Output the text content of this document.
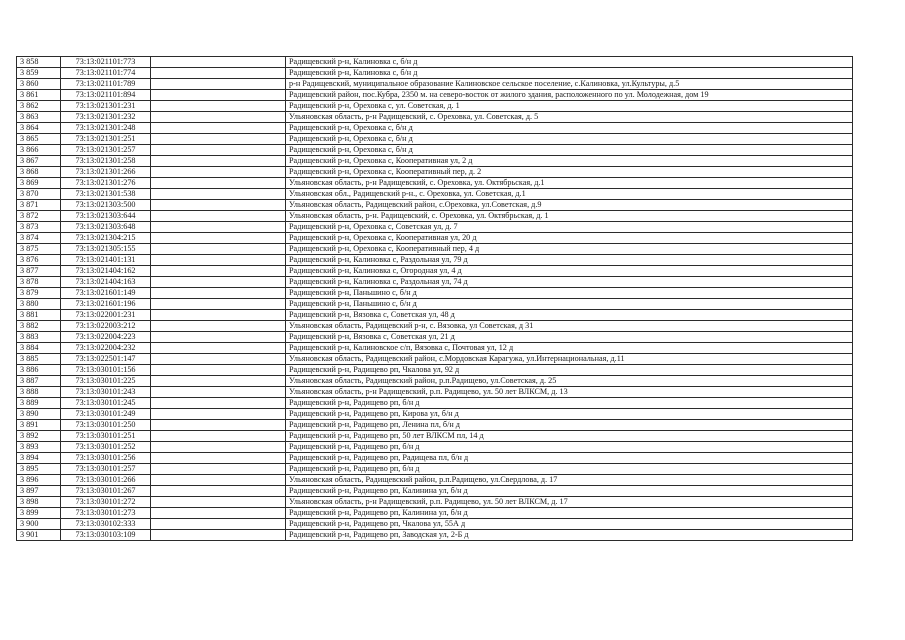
3 858	73:13:021101:773		Радищевский р-н, Калиновка с, б/н д
3 859	73:13:021101:774		Радищевский р-н, Калиновка с, б/н д
3 860	73:13:021101:789		р-н Радищевский, муниципальное образование Калиновское сельское поселение, с.Калиновка, ул.Культуры, д.5
3 861	73:13:021101:894		Радищевский район, пос.Кубра, 2350 м. на северо-восток от жилого здания, расположенного по ул. Молодежная, дом 19
3 862	73:13:021301:231		Радищевский р-н, Ореховка с, ул. Советская, д. 1
3 863	73:13:021301:232		Ульяновская область, р-н Радищевский, с. Ореховка, ул. Советская, д. 5
3 864	73:13:021301:248		Радищевский р-н, Ореховка с, б/н д
3 865	73:13:021301:251		Радищевский р-н, Ореховка с, б/н д
3 866	73:13:021301:257		Радищевский р-н, Ореховка с, б/н д
3 867	73:13:021301:258		Радищевский р-н, Ореховка с, Кооперативная ул, 2 д
3 868	73:13:021301:266		Радищевский р-н, Ореховка с, Кооперативный пер, д. 2
3 869	73:13:021301:276		Ульяновская область, р-н Радищевский, с. Ореховка, ул. Октябрьская, д.1
3 870	73:13:021301:538		Ульяновская обл., Радищевский р-н., с. Ореховка, ул. Советская, д.1
3 871	73:13:021303:500		Ульяновская область, Радищевский район, с.Ореховка, ул.Советская, д.9
3 872	73:13:021303:644		Ульяновская область, р-н. Радищевский, с. Ореховка, ул. Октябрьская, д. 1
3 873	73:13:021303:648		Радищевский р-н, Ореховка с, Советская ул, д. 7
3 874	73:13:021304:215		Радищевский р-н, Ореховка с, Кооперативная ул, 20 д
3 875	73:13:021305:155		Радищевский р-н, Ореховка с, Кооперативный пер, 4 д
3 876	73:13:021401:131		Радищевский р-н, Калиновка с, Раздольная ул, 79 д
3 877	73:13:021404:162		Радищевский р-н, Калиновка с, Огородная ул, 4 д
3 878	73:13:021404:163		Радищевский р-н, Калиновка с, Раздольная ул, 74 д
3 879	73:13:021601:149		Радищевский р-н, Паньшино с, б/н д
3 880	73:13:021601:196		Радищевский р-н, Паньшино с, б/н д
3 881	73:13:022001:231		Радищевский р-н, Вязовка с, Советская ул, 48 д
3 882	73:13:022003:212		Ульяновская область, Радищевский р-н, с. Вязовка, ул Советская, д 31
3 883	73:13:022004:223		Радищевский р-н, Вязовка с, Советская ул, 21 д
3 884	73:13:022004:232		Радищевский р-н, Калиновское с/п, Вязовка с, Почтовая ул, 12 д
3 885	73:13:022501:147		Ульяновская область, Радищевский район, с.Мордовская Карагужа, ул.Интернациональная, д.11
3 886	73:13:030101:156		Радищевский р-н, Радищево рп, Чкалова ул, 92 д
3 887	73:13:030101:225		Ульяновская область, Радищевский район, р.п.Радищево, ул.Советская, д. 25
3 888	73:13:030101:243		Ульяновская область, р-н Радищевский, р.п. Радищево, ул. 50 лет ВЛКСМ, д. 13
3 889	73:13:030101:245		Радищевский р-н, Радищево рп, б/н д
3 890	73:13:030101:249		Радищевский р-н, Радищево рп, Кирова ул, б/н д
3 891	73:13:030101:250		Радищевский р-н, Радищево рп, Ленина пл, б/н д
3 892	73:13:030101:251		Радищевский р-н, Радищево рп, 50 лет ВЛКСМ пл, 14 д
3 893	73:13:030101:252		Радищевский р-н, Радищево рп, б/н д
3 894	73:13:030101:256		Радищевский р-н, Радищево рп, Радищева пл, б/н д
3 895	73:13:030101:257		Радищевский р-н, Радищево рп, б/н д
3 896	73:13:030101:266		Ульяновская область, Радищевский район, р.п.Радищево, ул.Свердлова, д. 17
3 897	73:13:030101:267		Радищевский р-н, Радищево рп, Калинина ул, б/н д
3 898	73:13:030101:272		Ульяновская область, р-н Радищевский, р.п. Радищево, ул. 50 лет ВЛКСМ, д. 17
3 899	73:13:030101:273		Радищевский р-н, Радищево рп, Калинина ул, б/н д
3 900	73:13:030102:333		Радищевский р-н, Радищево рп, Чкалова ул, 55А д
3 901	73:13:030103:109		Радищевский р-н, Радищево рп, Заводская ул, 2-Б д
